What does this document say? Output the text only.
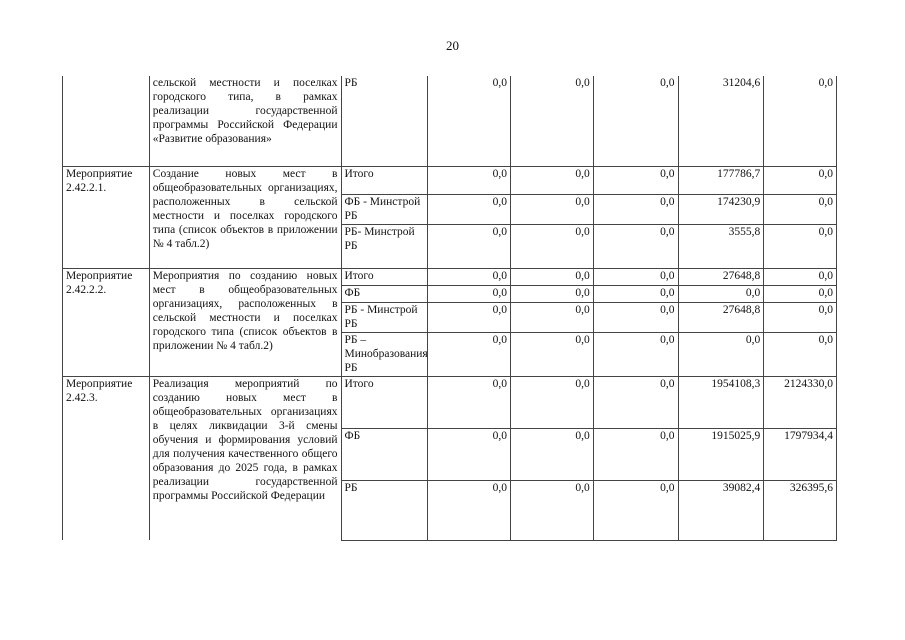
20
	сельской местности и поселках городского типа, в рамках реализации государственной программы Российской Федерации «Развитие образования»	РБ	0,0	0,0	0,0	31204,6	0,0
Мероприятие 2.42.2.1.	Создание новых мест в общеобразовательных организациях, расположенных в сельской местности и поселках городского типа (список объектов в приложении № 4 табл.2)	Итого	0,0	0,0	0,0	177786,7	0,0
		ФБ - Минстрой РБ	0,0	0,0	0,0	174230,9	0,0
		РБ- Минстрой РБ	0,0	0,0	0,0	3555,8	0,0
Мероприятие 2.42.2.2.	Мероприятия по созданию новых мест в общеобразовательных организациях, расположенных в сельской местности и поселках городского типа (список объектов в приложении № 4 табл.2)	Итого	0,0	0,0	0,0	27648,8	0,0
		ФБ	0,0	0,0	0,0	0,0	0,0
		РБ - Минстрой РБ	0,0	0,0	0,0	27648,8	0,0
		РБ – Минобразования РБ	0,0	0,0	0,0	0,0	0,0
Мероприятие 2.42.3.	Реализация мероприятий по созданию новых мест в общеобразовательных организациях в целях ликвидации 3-й смены обучения и формирования условий для получения качественного общего образования до 2025 года, в рамках реализации государственной программы Российской Федерации	Итого	0,0	0,0	0,0	1954108,3	2124330,0
		ФБ	0,0	0,0	0,0	1915025,9	1797934,4
		РБ	0,0	0,0	0,0	39082,4	326395,6
